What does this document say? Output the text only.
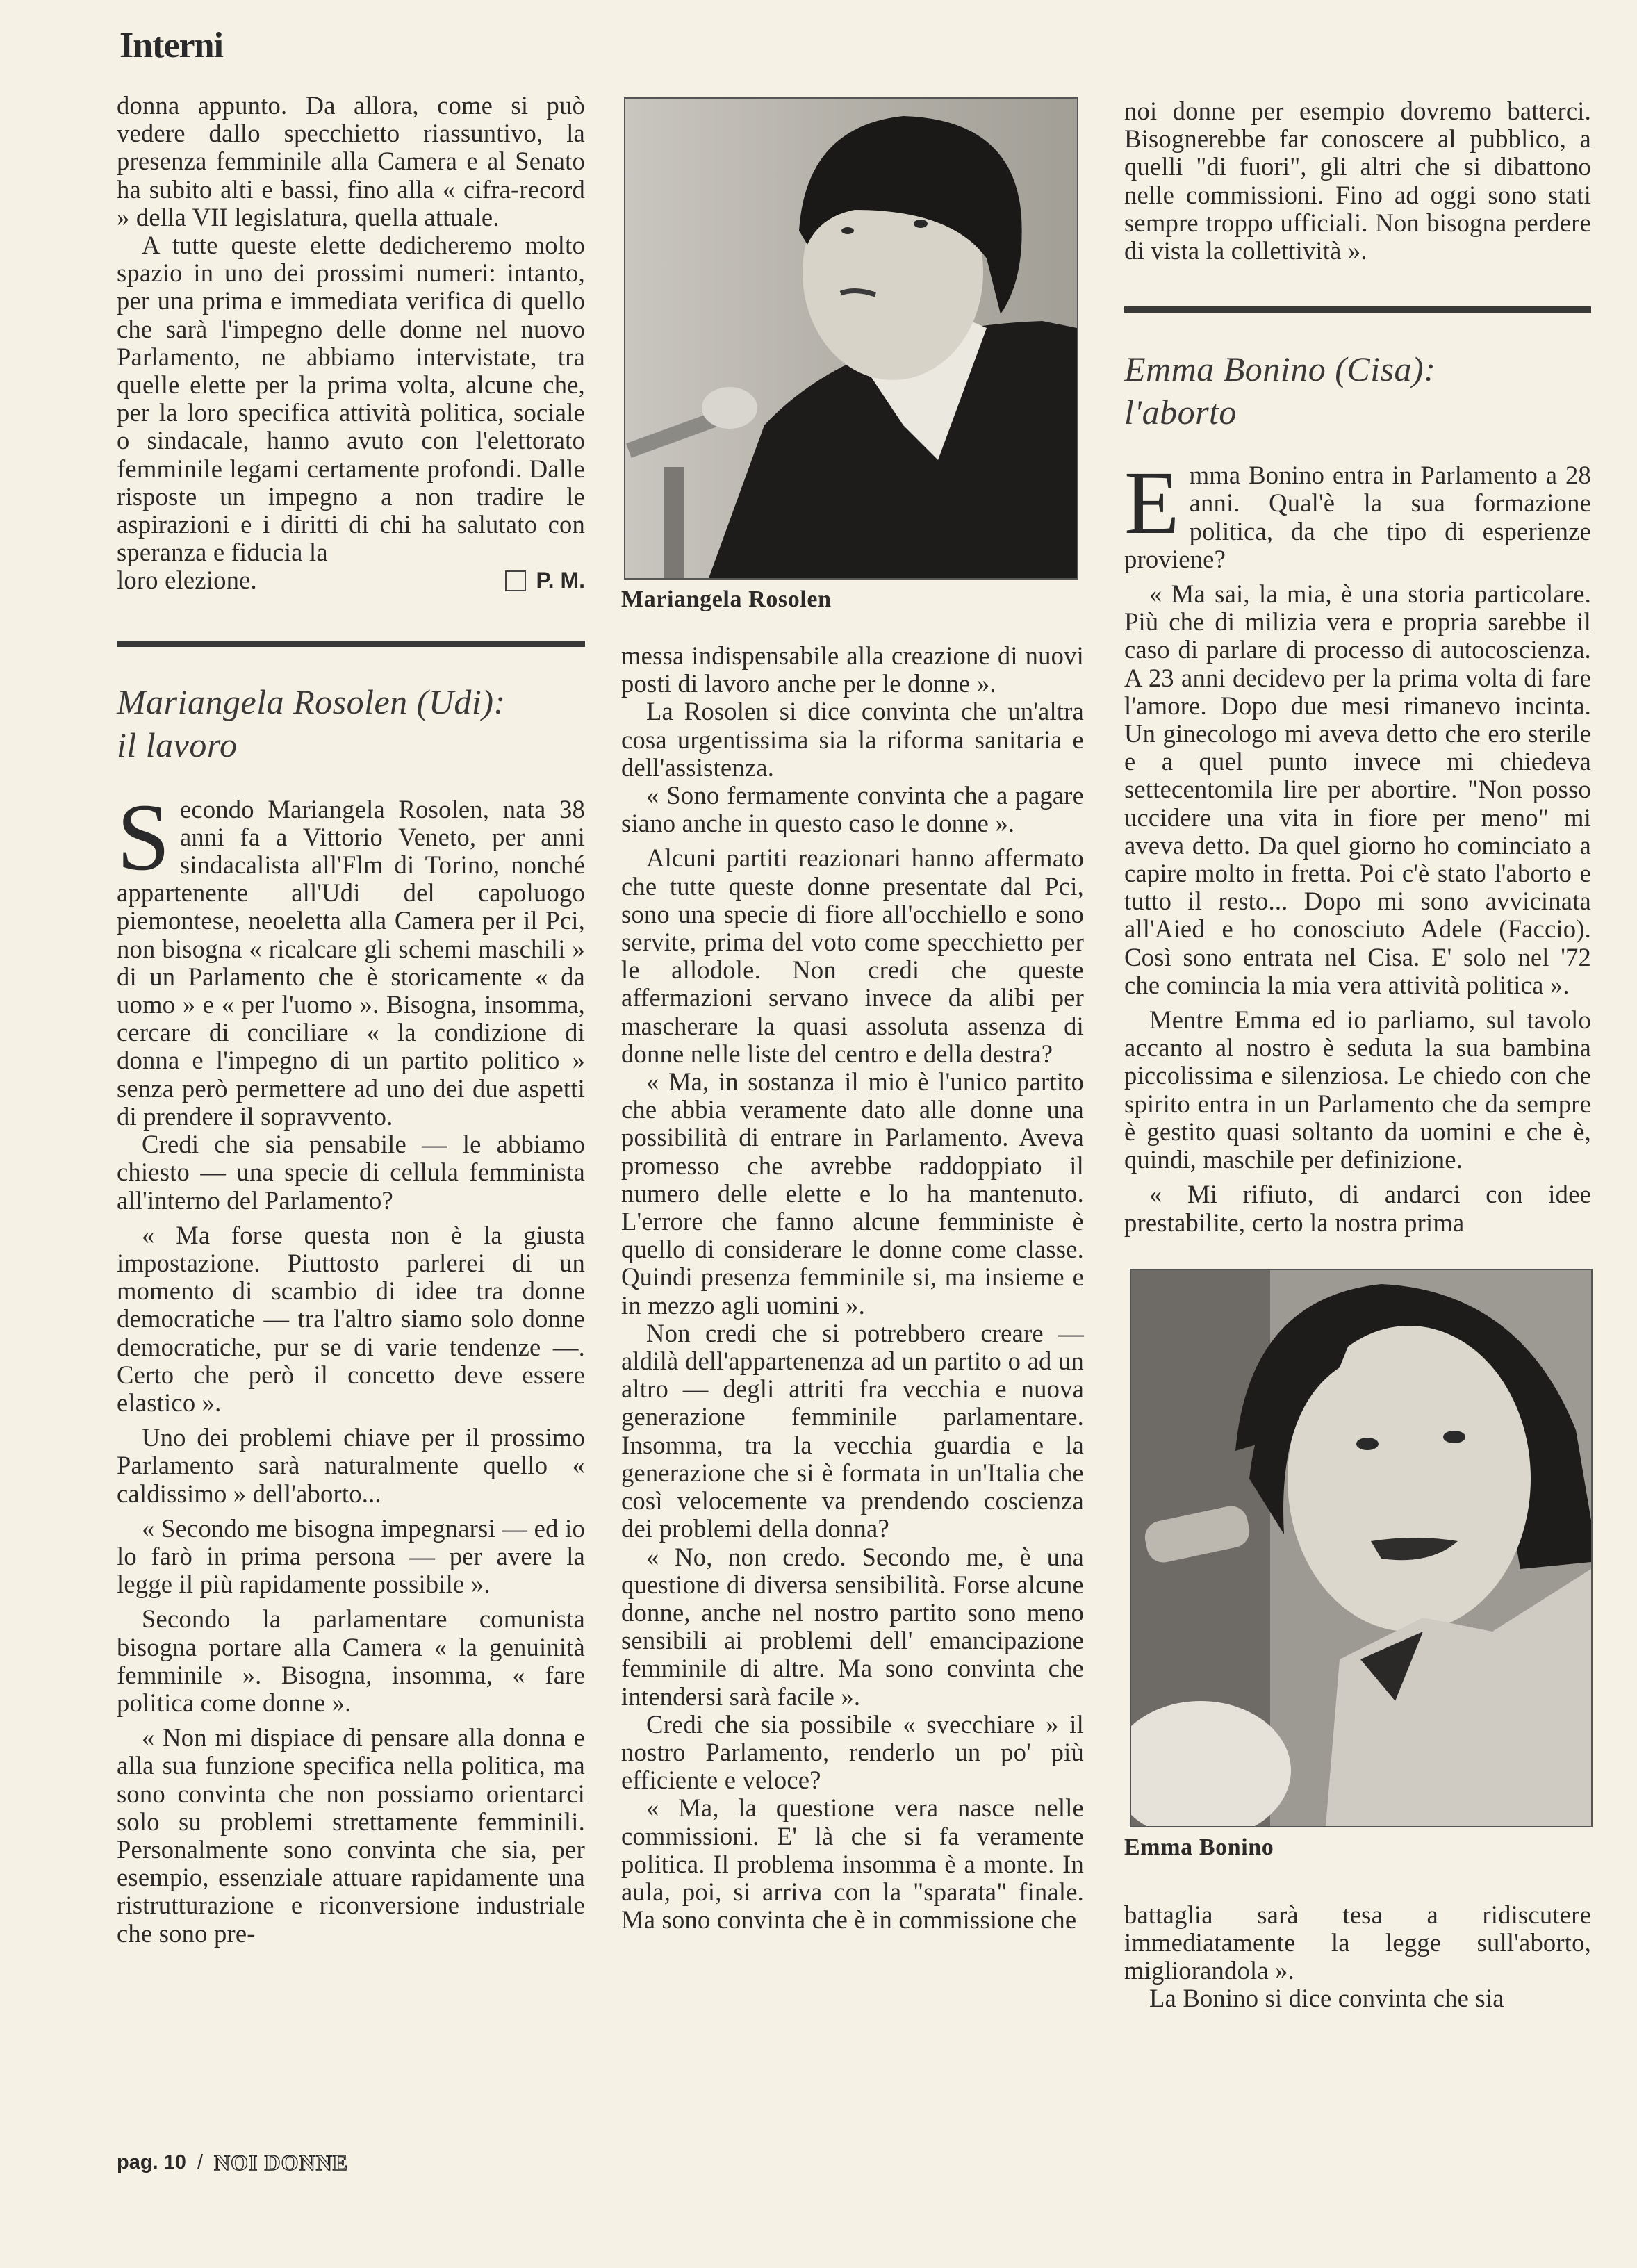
Interni

donna appunto. Da allora, come si può vedere dallo specchietto riassuntivo, la presenza femminile alla Camera e al Senato ha subito alti e bassi, fino alla « cifra-record » della VII legislatura, quella attuale.

A tutte queste elette dedicheremo molto spazio in uno dei prossimi numeri: intanto, per una prima e immediata verifica di quello che sarà l'impegno delle donne nel nuovo Parlamento, ne abbiamo intervistate, tra quelle elette per la prima volta, alcune che, per la loro specifica attività politica, sociale o sindacale, hanno avuto con l'elettorato femminile legami certamente profondi. Dalle risposte un impegno a non tradire le aspirazioni e i diritti di chi ha salutato con speranza e fiducia la

loro elezione.	P. M.

Mariangela Rosolen (Udi):

il lavoro

Secondo Mariangela Rosolen, nata 38 anni fa a Vittorio Veneto, per anni sindacalista all'Flm di Torino, nonché appartenente all'Udi del capoluogo piemontese, neoeletta alla Camera per il Pci, non bisogna « ricalcare gli schemi maschili » di un Parlamento che è storicamente « da uomo » e « per l'uomo ». Bisogna, insomma, cercare di conciliare « la condizione di donna e l'impegno di un partito politico » senza però permettere ad uno dei due aspetti di prendere il sopravvento.

Credi che sia pensabile — le abbiamo chiesto — una specie di cellula femminista all'interno del Parlamento?

« Ma forse questa non è la giusta impostazione. Piuttosto parlerei di un momento di scambio di idee tra donne democratiche — tra l'altro siamo solo donne democratiche, pur se di varie tendenze —. Certo che però il concetto deve essere elastico ».

Uno dei problemi chiave per il prossimo Parlamento sarà naturalmente quello « caldissimo » dell'aborto...

« Secondo me bisogna impegnarsi — ed io lo farò in prima persona — per avere la legge il più rapidamente possibile ».

Secondo la parlamentare comunista bisogna portare alla Camera « la genuinità femminile ». Bisogna, insomma, « fare politica come donne ».

« Non mi dispiace di pensare alla donna e alla sua funzione specifica nella politica, ma sono convinta che non possiamo orientarci solo su problemi strettamente femminili. Personalmente sono convinta che sia, per esempio, essenziale attuare rapidamente una ristrutturazione e riconversione industriale che sono pre-

Mariangela Rosolen

messa indispensabile alla creazione di nuovi posti di lavoro anche per le donne ».

La Rosolen si dice convinta che un'altra cosa urgentissima sia la riforma sanitaria e dell'assistenza.

« Sono fermamente convinta che a pagare siano anche in questo caso le donne ».

Alcuni partiti reazionari hanno affermato che tutte queste donne presentate dal Pci, sono una specie di fiore all'occhiello e sono servite, prima del voto come specchietto per le allodole. Non credi che queste affermazioni servano invece da alibi per mascherare la quasi assoluta assenza di donne nelle liste del centro e della destra?

« Ma, in sostanza il mio è l'unico partito che abbia veramente dato alle donne una possibilità di entrare in Parlamento. Aveva promesso che avrebbe raddoppiato il numero delle elette e lo ha mantenuto. L'errore che fanno alcune femministe è quello di considerare le donne come classe. Quindi presenza femminile si, ma insieme e in mezzo agli uomini ».

Non credi che si potrebbero creare — aldilà dell'appartenenza ad un partito o ad un altro — degli attriti fra vecchia e nuova generazione femminile parlamentare. Insomma, tra la vecchia guardia e la generazione che si è formata in un'Italia che così velocemente va prendendo coscienza dei problemi della donna?

« No, non credo. Secondo me, è una questione di diversa sensibilità. Forse alcune donne, anche nel nostro partito sono meno sensibili ai problemi dell' emancipazione femminile di altre. Ma sono convinta che intendersi sarà facile ».

Credi che sia possibile « svecchiare » il nostro Parlamento, renderlo un po' più efficiente e veloce?

« Ma, la questione vera nasce nelle commissioni. E' là che si fa veramente politica. Il problema insomma è a monte. In aula, poi, si arriva con la "sparata" finale. Ma sono convinta che è in commissione che

noi donne per esempio dovremo batterci. Bisognerebbe far conoscere al pubblico, a quelli "di fuori", gli altri che si dibattono nelle commissioni. Fino ad oggi sono stati sempre troppo ufficiali. Non bisogna perdere di vista la collettività ».

Emma Bonino (Cisa):

l'aborto

Emma Bonino entra in Parlamento a 28 anni. Qual'è la sua formazione politica, da che tipo di esperienze proviene?

« Ma sai, la mia, è una storia particolare. Più che di milizia vera e propria sarebbe il caso di parlare di processo di autocoscienza. A 23 anni decidevo per la prima volta di fare l'amore. Dopo due mesi rimanevo incinta. Un ginecologo mi aveva detto che ero sterile e a quel punto invece mi chiedeva settecentomila lire per abortire. "Non posso uccidere una vita in fiore per meno" mi aveva detto. Da quel giorno ho cominciato a capire molto in fretta. Poi c'è stato l'aborto e tutto il resto... Dopo mi sono avvicinata all'Aied e ho conosciuto Adele (Faccio). Così sono entrata nel Cisa. E' solo nel '72 che comincia la mia vera attività politica ».

Mentre Emma ed io parliamo, sul tavolo accanto al nostro è seduta la sua bambina piccolissima e silenziosa. Le chiedo con che spirito entra in un Parlamento che da sempre è gestito quasi soltanto da uomini e che è, quindi, maschile per definizione.

« Mi rifiuto, di andarci con idee prestabilite, certo la nostra prima

Emma Bonino

battaglia sarà tesa a ridiscutere immediatamente la legge sull'aborto, migliorandola ».

La Bonino si dice convinta che sia

pag. 10 / NOI DONNE
